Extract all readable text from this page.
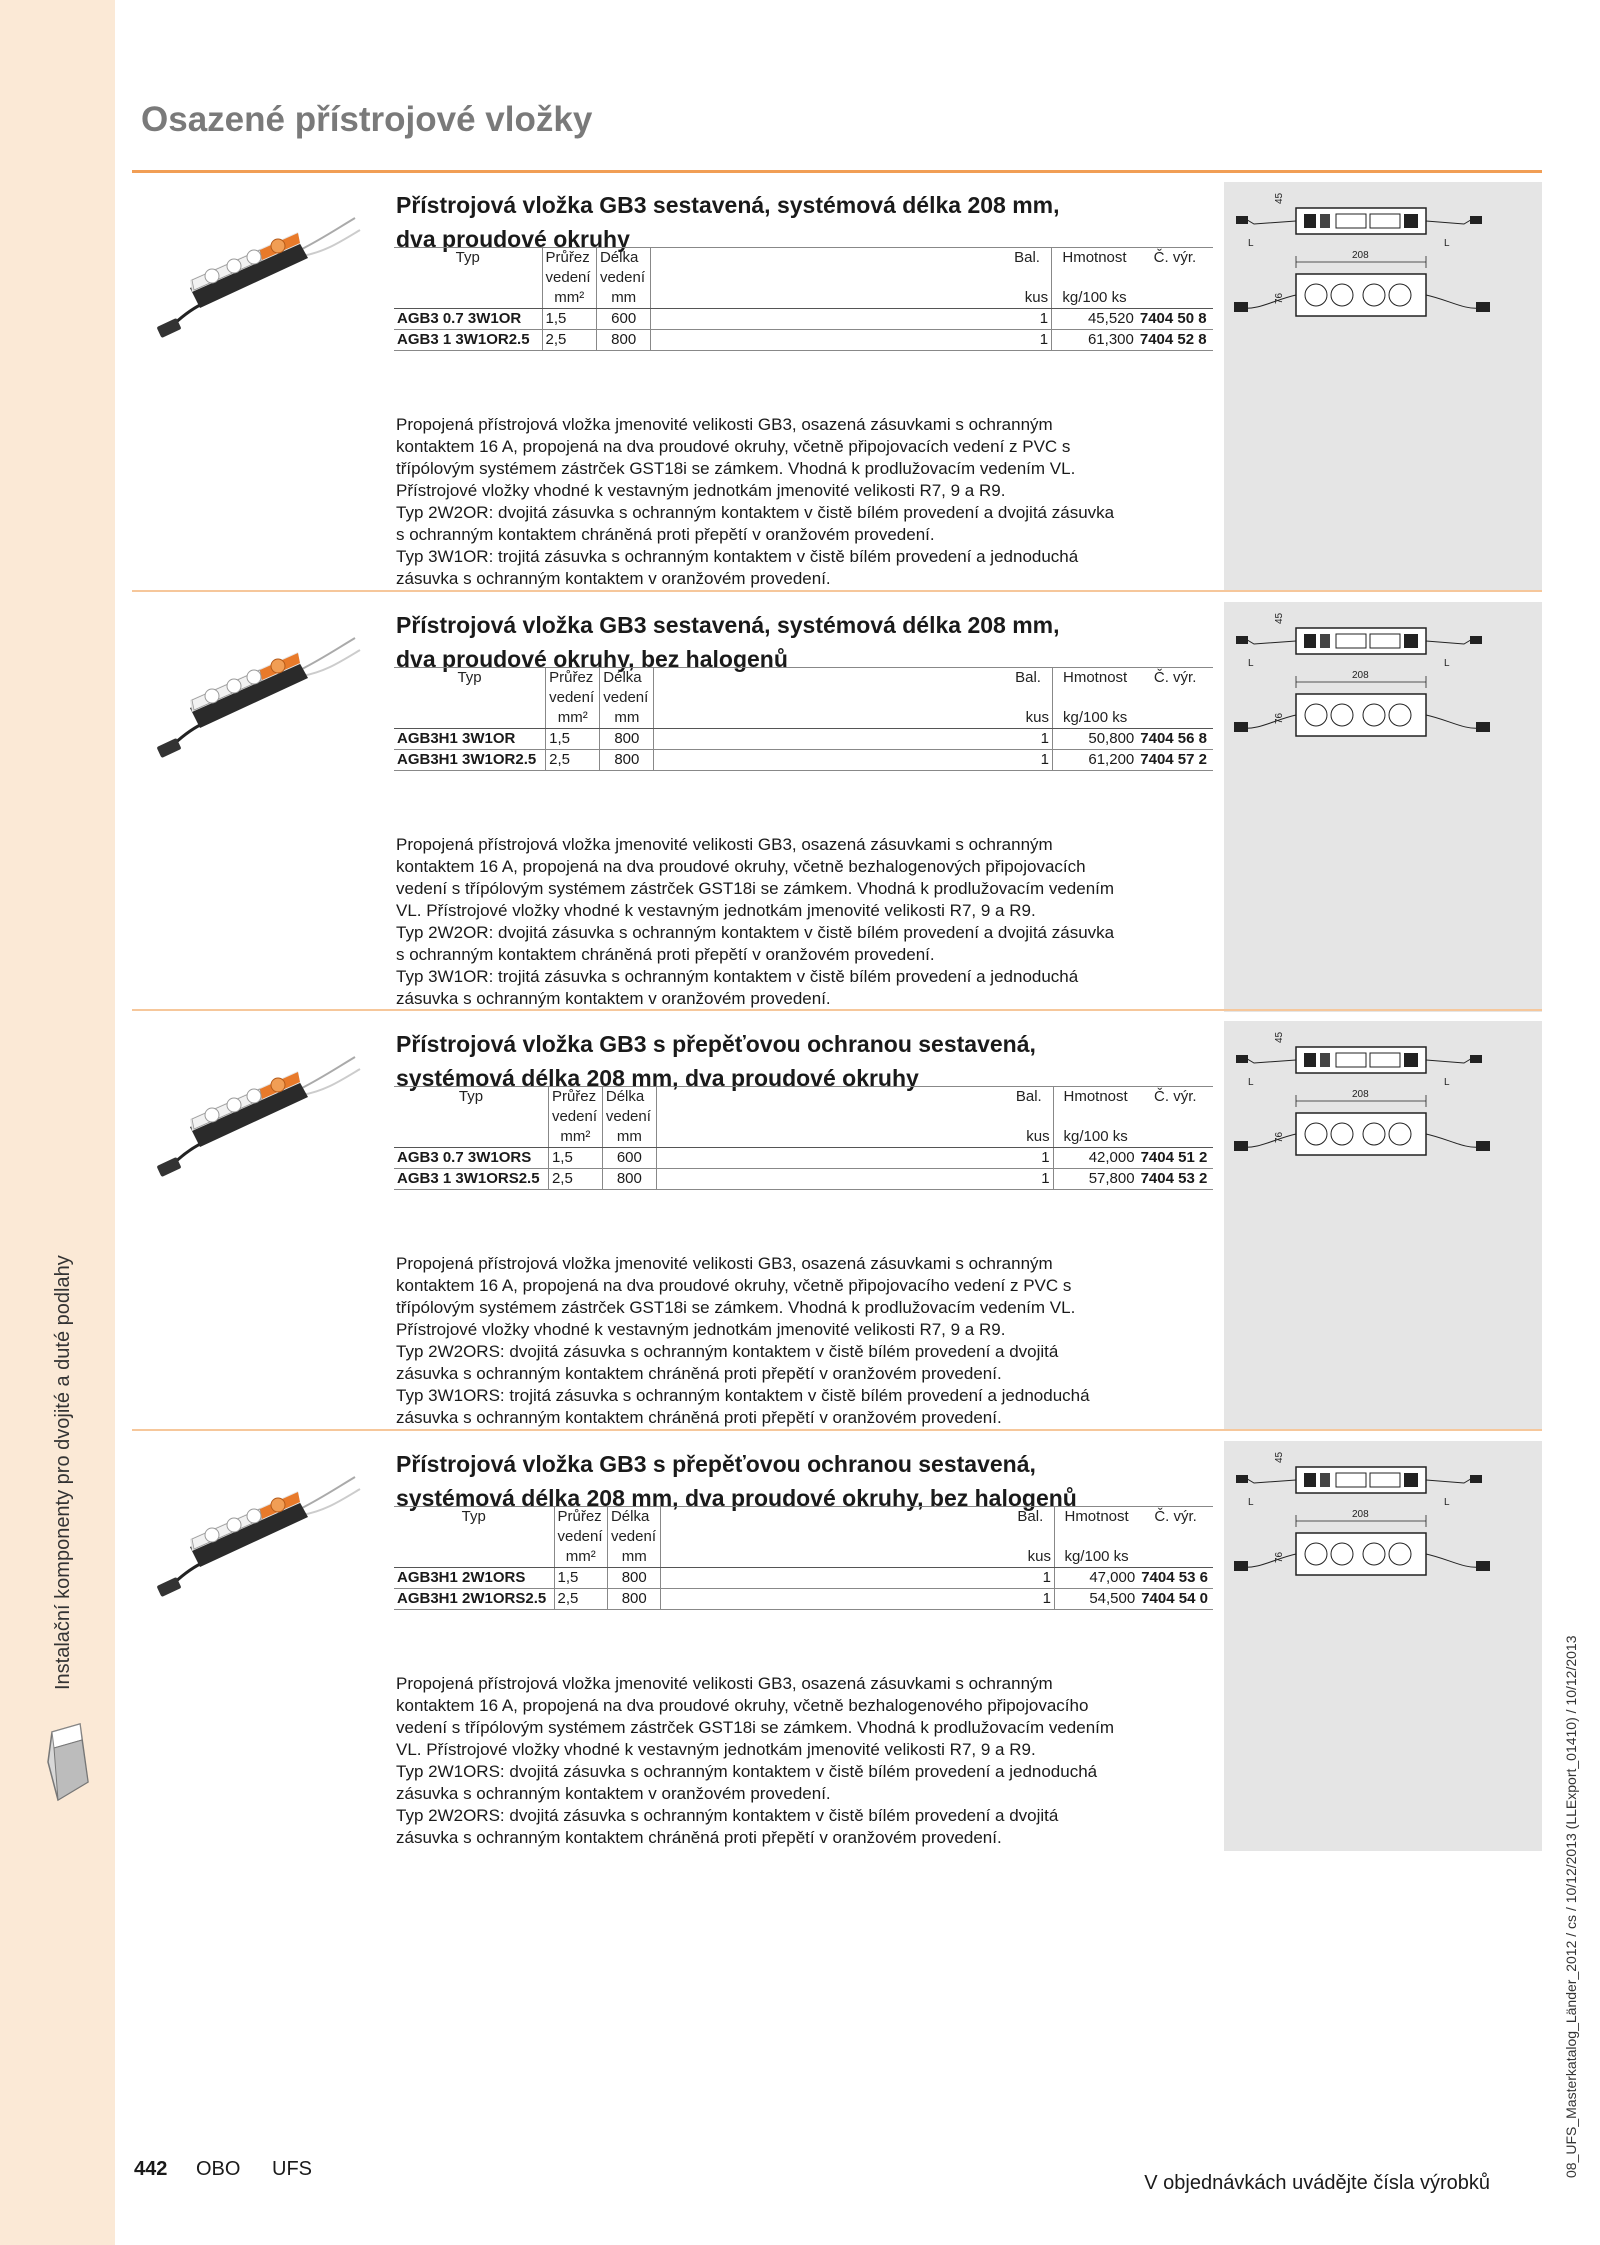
Instalační komponenty pro dvojité a duté podlahy
08_UFS_Masterkatalog_Länder_2012 / cs / 10/12/2013 (LLExport_01410) / 10/12/2013
Osazené přístrojové vložky
Přístrojová vložka GB3 sestavená, systémová délka 208 mm,
dva proudové okruhy
Typ	Průřez	Délka		Bal.	Hmotnost	Č. výr.
	vedení	vedení				
	mm²	mm		kus	kg/100 ks	
AGB3 0.7 3W1OR	1,5	600		1	45,520	7404 50 8
AGB3 1 3W1OR2.5	2,5	800		1	61,300	7404 52 8

Propojená přístrojová vložka jmenovité velikosti GB3, osazená zásuvkami s ochranným

kontaktem 16 A, propojená na dva proudové okruhy, včetně připojovacích vedení z PVC s

třípólovým systémem zástrček GST18i se zámkem. Vhodná k prodlužovacím vedením VL.

Přístrojové vložky vhodné k vestavným jednotkám jmenovité velikosti R7, 9 a R9.

Typ 2W2OR: dvojitá zásuvka s ochranným kontaktem v čistě bílém provedení a dvojitá zásuvka

s ochranným kontaktem chráněná proti přepětí v oranžovém provedení.

Typ 3W1OR: trojitá zásuvka s ochranným kontaktem v čistě bílém provedení a jednoduchá

zásuvka s ochranným kontaktem v oranžovém provedení.

45
L	L
208
76
Přístrojová vložka GB3 sestavená, systémová délka 208 mm,
dva proudové okruhy, bez halogenů
Typ	Průřez	Délka		Bal.	Hmotnost	Č. výr.
	vedení	vedení				
	mm²	mm		kus	kg/100 ks	
AGB3H1 3W1OR	1,5	800		1	50,800	7404 56 8
AGB3H1 3W1OR2.5	2,5	800		1	61,200	7404 57 2

Propojená přístrojová vložka jmenovité velikosti GB3, osazená zásuvkami s ochranným

kontaktem 16 A, propojená na dva proudové okruhy, včetně bezhalogenových připojovacích

vedení s třípólovým systémem zástrček GST18i se zámkem. Vhodná k prodlužovacím vedením

VL. Přístrojové vložky vhodné k vestavným jednotkám jmenovité velikosti R7, 9 a R9.

Typ 2W2OR: dvojitá zásuvka s ochranným kontaktem v čistě bílém provedení a dvojitá zásuvka

s ochranným kontaktem chráněná proti přepětí v oranžovém provedení.

Typ 3W1OR: trojitá zásuvka s ochranným kontaktem v čistě bílém provedení a jednoduchá

zásuvka s ochranným kontaktem v oranžovém provedení.

45
L	L
208
76
Přístrojová vložka GB3 s přepěťovou ochranou sestavená,
systémová délka 208 mm, dva proudové okruhy
Typ	Průřez	Délka		Bal.	Hmotnost	Č. výr.
	vedení	vedení				
	mm²	mm		kus	kg/100 ks	
AGB3 0.7 3W1ORS	1,5	600		1	42,000	7404 51 2
AGB3 1 3W1ORS2.5	2,5	800		1	57,800	7404 53 2

Propojená přístrojová vložka jmenovité velikosti GB3, osazená zásuvkami s ochranným

kontaktem 16 A, propojená na dva proudové okruhy, včetně připojovacího vedení z PVC s

třípólovým systémem zástrček GST18i se zámkem. Vhodná k prodlužovacím vedením VL.

Přístrojové vložky vhodné k vestavným jednotkám jmenovité velikosti R7, 9 a R9.

Typ 2W2ORS: dvojitá zásuvka s ochranným kontaktem v čistě bílém provedení a dvojitá

zásuvka s ochranným kontaktem chráněná proti přepětí v oranžovém provedení.

Typ 3W1ORS: trojitá zásuvka s ochranným kontaktem v čistě bílém provedení a jednoduchá

zásuvka s ochranným kontaktem chráněná proti přepětí v oranžovém provedení.

45
L	L
208
76
Přístrojová vložka GB3 s přepěťovou ochranou sestavená,
systémová délka 208 mm, dva proudové okruhy, bez halogenů
Typ	Průřez	Délka		Bal.	Hmotnost	Č. výr.
	vedení	vedení				
	mm²	mm		kus	kg/100 ks	
AGB3H1 2W1ORS	1,5	800		1	47,000	7404 53 6
AGB3H1 2W1ORS2.5	2,5	800		1	54,500	7404 54 0

Propojená přístrojová vložka jmenovité velikosti GB3, osazená zásuvkami s ochranným

kontaktem 16 A, propojená na dva proudové okruhy, včetně bezhalogenového připojovacího

vedení s třípólovým systémem zástrček GST18i se zámkem. Vhodná k prodlužovacím vedením

VL. Přístrojové vložky vhodné k vestavným jednotkám jmenovité velikosti R7, 9 a R9.

Typ 2W1ORS: dvojitá zásuvka s ochranným kontaktem v čistě bílém provedení a jednoduchá

zásuvka s ochranným kontaktem v oranžovém provedení.

Typ 2W2ORS: dvojitá zásuvka s ochranným kontaktem v čistě bílém provedení a dvojitá

zásuvka s ochranným kontaktem chráněná proti přepětí v oranžovém provedení.

45
L	L
208
76
442 OBO UFS
V objednávkách uvádějte čísla výrobků
